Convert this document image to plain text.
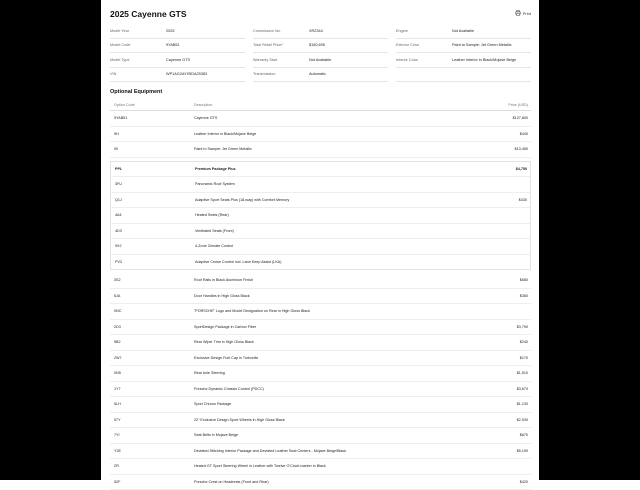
2025 Cayenne GTS	Print
Model Year	2025	Commission No.	XR2344	Engine	Not Available
Model Code	9YAB51	Total Retail Price*	$150,695	Exterior Color	Paint to Sample: Jet Green Metallic
Model Type	Cayenne GTS	Warranty Start	Not Available	Interior Color	Leather Interior in Black/Mojave Beige
VIN	WP1AG2AY9SDA25383	Transmission	Automatic
Optional Equipment
Option Code	Description	Price (USD)
9YAB51	Cayenne GTS	$127,800
9H	Leather Interior in Black/Mojave Beige	$440
09	Paint to Sample: Jet Green Metallic	$13,450
PPL	Premium Package Plus	$4,750
3FU	Panoramic Roof System
Q1J	Adaptive Sport Seats Plus (18-way) with Comfort Memory	$430
4A4	Heated Seats (Rear)
4D3	Ventilated Seats (Front)
9X2	4-Zone Climate Control
PV3	Adaptive Cruise Control incl. Lane Keep Assist (LKA)
3S2	Roof Rails in Black Aluminum Finish	$680
6JA	Door Handles in High Gloss Black	$360
0NC	"PORSCHE" Logo and Model Designation on Rear in High Gloss Black
2D3	SportDesign Package in Carbon Fiber	$3,790
5B2	Rear Wiper Trim in High Gloss Black	$240
2W7	Exclusive Design Fuel Cap in Turbonite	$170
0N5	Rear Axle Steering	$1,510
1Y7	Porsche Dynamic Chassis Control (PDCC)	$3,670
5LH	Sport Chrono Package	$1,130
57Y	22" Exclusive Design Sport Wheels in High Gloss Black	$2,930
7YI	Seat Belts in Mojave Beige	$670
Y2E	Deviated Stitching Interior Package and Deviated Leather Seat Centers - Mojave Beige/Black	$5,190
2FI	Heated GT Sport Steering Wheel in Leather with Twelve O'Clock marker in Black
52F	Porsche Crest on Headrests (Front and Rear)	$420
